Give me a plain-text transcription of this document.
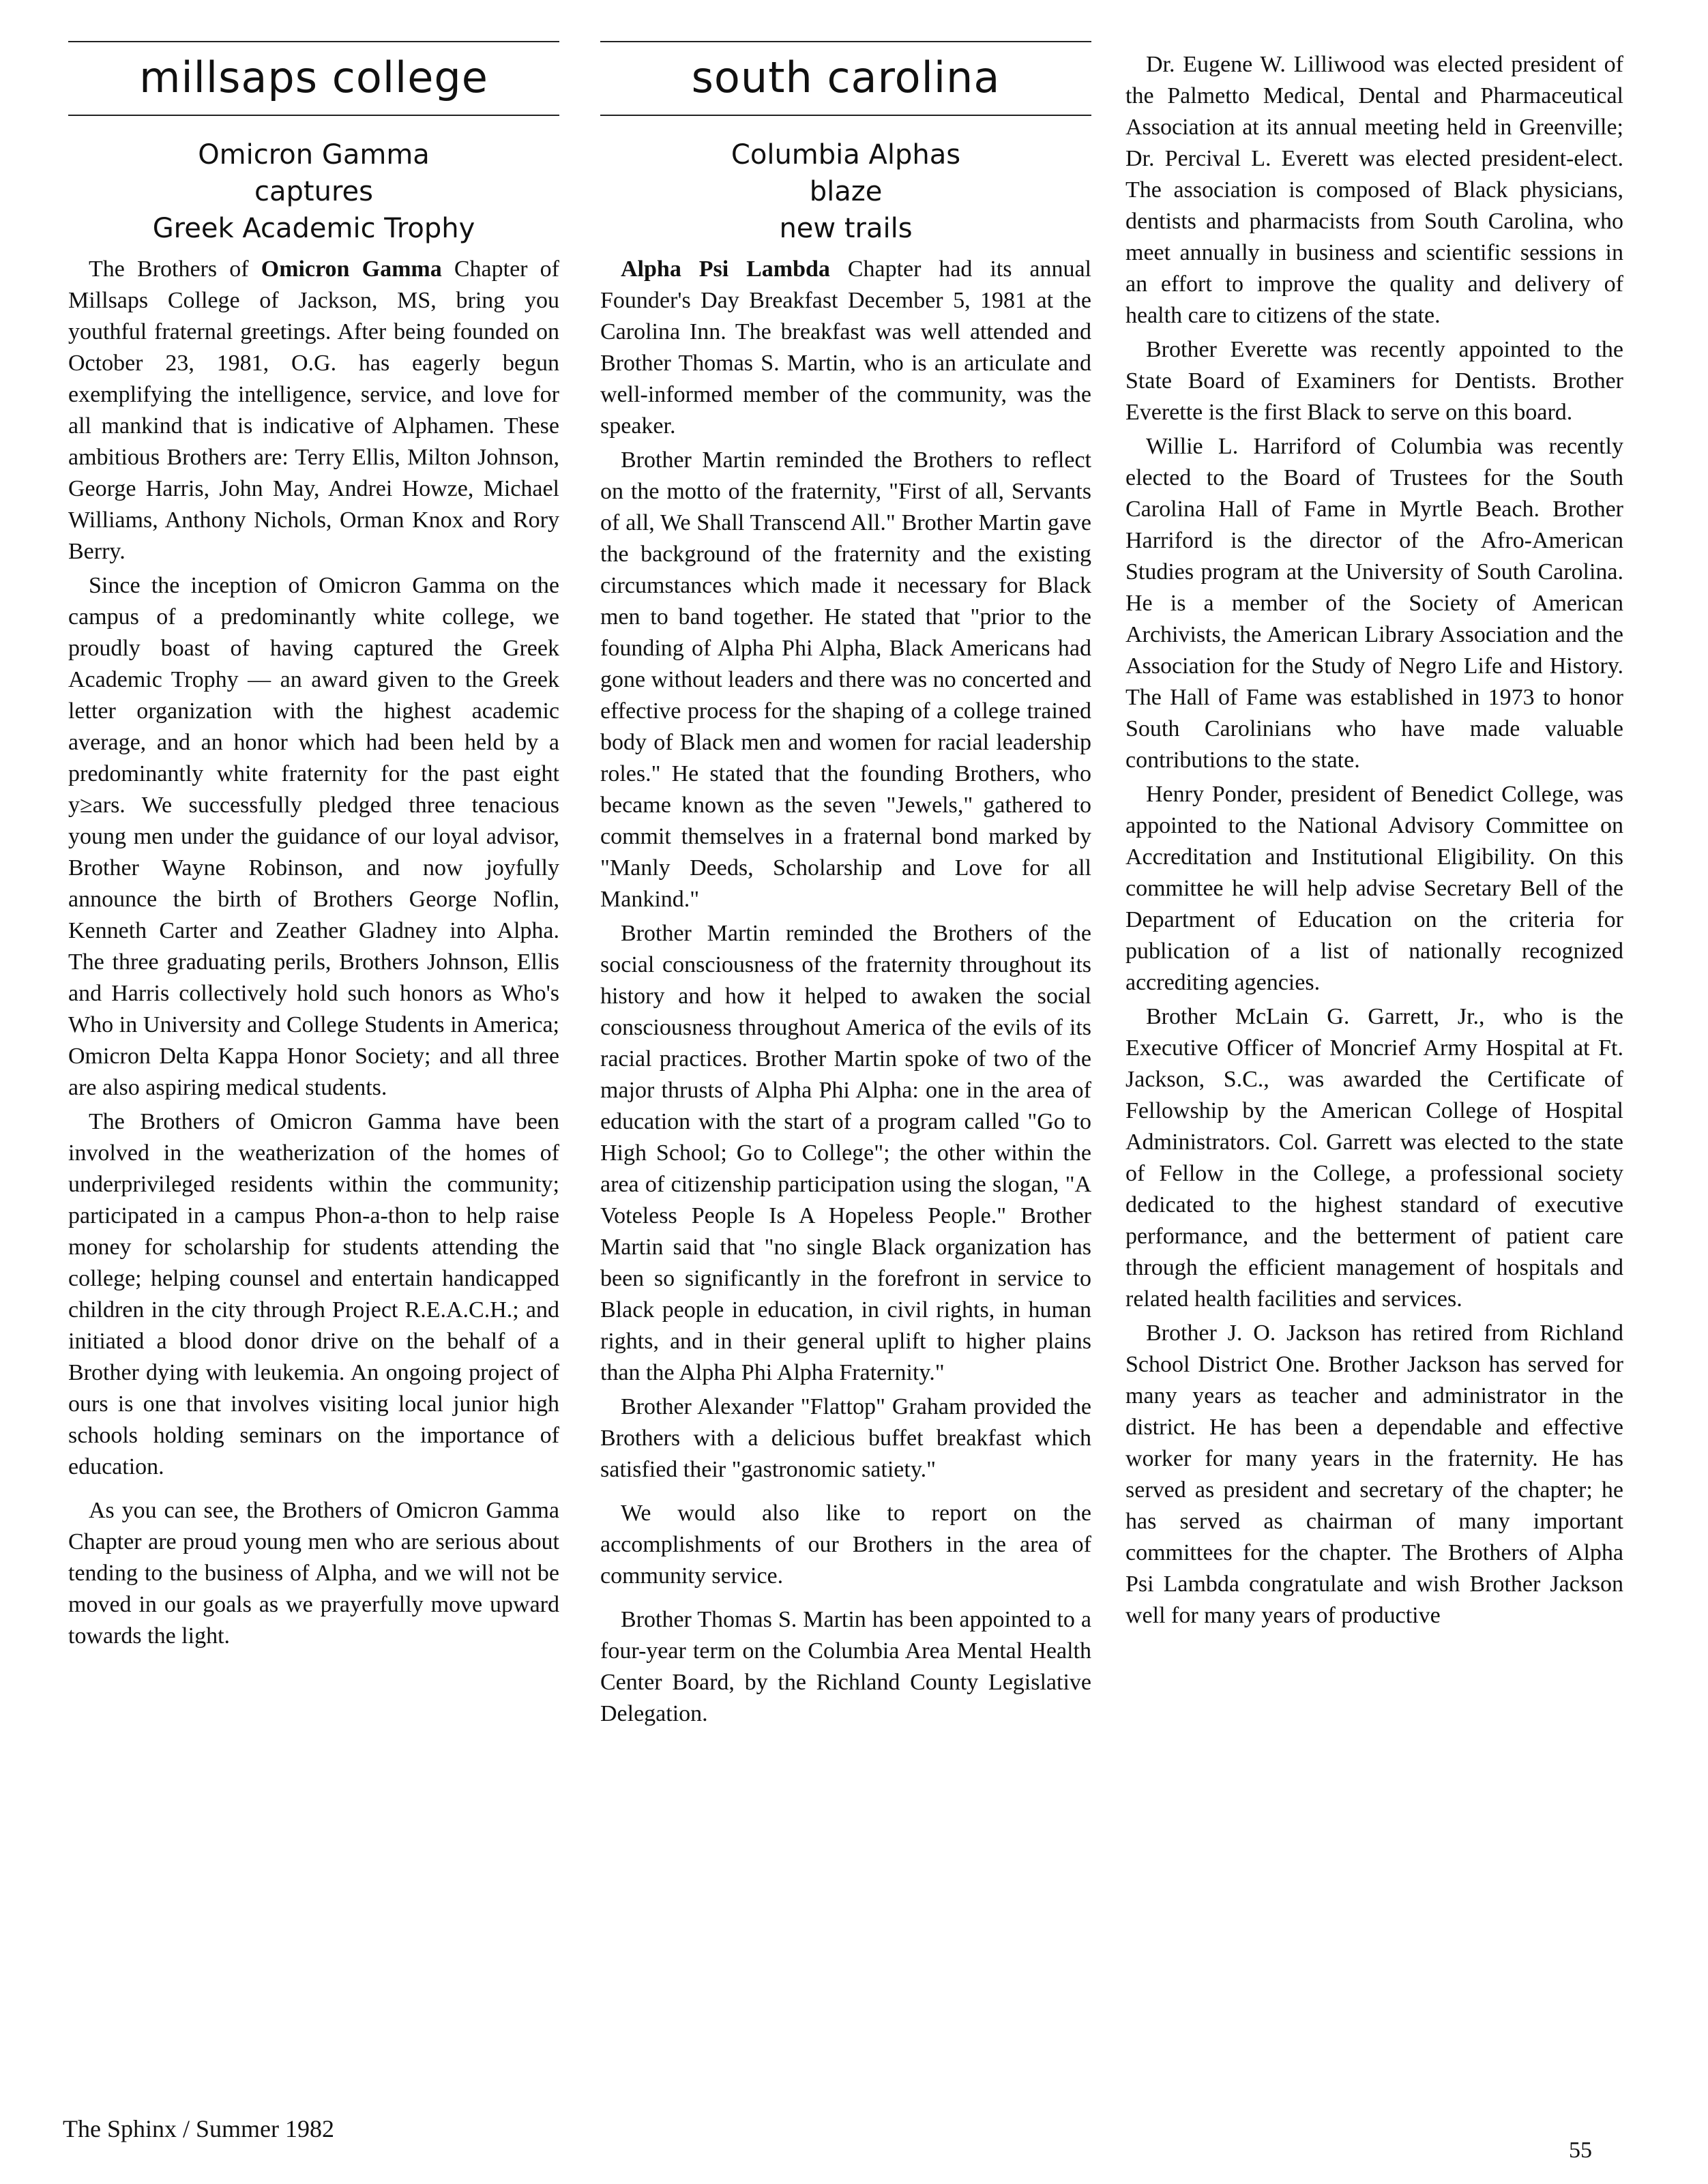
millsaps college
Omicron Gamma
captures
Greek Academic Trophy

The Brothers of Omicron Gamma Chapter of Millsaps College of Jackson, MS, bring you youthful fraternal greetings. After being founded on October 23, 1981, O.G. has eagerly begun exemplifying the intelligence, service, and love for all mankind that is indicative of Alphamen. These ambitious Brothers are: Terry Ellis, Milton Johnson, George Harris, John May, Andrei Howze, Michael Williams, Anthony Nichols, Orman Knox and Rory Berry.

Since the inception of Omicron Gamma on the campus of a predominantly white college, we proudly boast of having captured the Greek Academic Trophy — an award given to the Greek letter organization with the highest academic average, and an honor which had been held by a predominantly white fraternity for the past eight y≥ars. We successfully pledged three tenacious young men under the guidance of our loyal advisor, Brother Wayne Robinson, and now joyfully announce the birth of Brothers George Noflin, Kenneth Carter and Zeather Gladney into Alpha. The three graduating perils, Brothers Johnson, Ellis and Harris collectively hold such honors as Who's Who in University and College Students in America; Omicron Delta Kappa Honor Society; and all three are also aspiring medical students.

The Brothers of Omicron Gamma have been involved in the weatherization of the homes of underprivileged residents within the community; participated in a campus Phon-a-thon to help raise money for scholarship for students attending the college; helping counsel and entertain handicapped children in the city through Project R.E.A.C.H.; and initiated a blood donor drive on the behalf of a Brother dying with leukemia. An ongoing project of ours is one that involves visiting local junior high schools holding seminars on the importance of education.

As you can see, the Brothers of Omicron Gamma Chapter are proud young men who are serious about tending to the business of Alpha, and we will not be moved in our goals as we prayerfully move upward towards the light.

south carolina
Columbia Alphas
blaze
new trails

Alpha Psi Lambda Chapter had its annual Founder's Day Breakfast December 5, 1981 at the Carolina Inn. The breakfast was well attended and Brother Thomas S. Martin, who is an articulate and well-informed member of the community, was the speaker.

Brother Martin reminded the Brothers to reflect on the motto of the fraternity, "First of all, Servants of all, We Shall Transcend All." Brother Martin gave the background of the fraternity and the existing circumstances which made it necessary for Black men to band together. He stated that "prior to the founding of Alpha Phi Alpha, Black Americans had gone without leaders and there was no concerted and effective process for the shaping of a college trained body of Black men and women for racial leadership roles." He stated that the founding Brothers, who became known as the seven "Jewels," gathered to commit themselves in a fraternal bond marked by "Manly Deeds, Scholarship and Love for all Mankind."

Brother Martin reminded the Brothers of the social consciousness of the fraternity throughout its history and how it helped to awaken the social consciousness throughout America of the evils of its racial practices. Brother Martin spoke of two of the major thrusts of Alpha Phi Alpha: one in the area of education with the start of a program called "Go to High School; Go to College"; the other within the area of citizenship participation using the slogan, "A Voteless People Is A Hopeless People." Brother Martin said that "no single Black organization has been so significantly in the forefront in service to Black people in education, in civil rights, in human rights, and in their general uplift to higher plains than the Alpha Phi Alpha Fraternity."

Brother Alexander "Flattop" Graham provided the Brothers with a delicious buffet breakfast which satisfied their "gastronomic satiety."

We would also like to report on the accomplishments of our Brothers in the area of community service.

Brother Thomas S. Martin has been appointed to a four-year term on the Columbia Area Mental Health Center Board, by the Richland County Legislative Delegation.

Dr. Eugene W. Lilliwood was elected president of the Palmetto Medical, Dental and Pharmaceutical Association at its annual meeting held in Greenville; Dr. Percival L. Everett was elected president-elect. The association is composed of Black physicians, dentists and pharmacists from South Carolina, who meet annually in business and scientific sessions in an effort to improve the quality and delivery of health care to citizens of the state.

Brother Everette was recently appointed to the State Board of Examiners for Dentists. Brother Everette is the first Black to serve on this board.

Willie L. Harriford of Columbia was recently elected to the Board of Trustees for the South Carolina Hall of Fame in Myrtle Beach. Brother Harriford is the director of the Afro-American Studies program at the University of South Carolina. He is a member of the Society of American Archivists, the American Library Association and the Association for the Study of Negro Life and History. The Hall of Fame was established in 1973 to honor South Carolinians who have made valuable contributions to the state.

Henry Ponder, president of Benedict College, was appointed to the National Advisory Committee on Accreditation and Institutional Eligibility. On this committee he will help advise Secretary Bell of the Department of Education on the criteria for publication of a list of nationally recognized accrediting agencies.

Brother McLain G. Garrett, Jr., who is the Executive Officer of Moncrief Army Hospital at Ft. Jackson, S.C., was awarded the Certificate of Fellowship by the American College of Hospital Administrators. Col. Garrett was elected to the state of Fellow in the College, a professional society dedicated to the highest standard of executive performance, and the betterment of patient care through the efficient management of hospitals and related health facilities and services.

Brother J. O. Jackson has retired from Richland School District One. Brother Jackson has served for many years as teacher and administrator in the district. He has been a dependable and effective worker for many years in the fraternity. He has served as president and secretary of the chapter; he has served as chairman of many important committees for the chapter. The Brothers of Alpha Psi Lambda congratulate and wish Brother Jackson well for many years of productive

The Sphinx / Summer 1982
55
